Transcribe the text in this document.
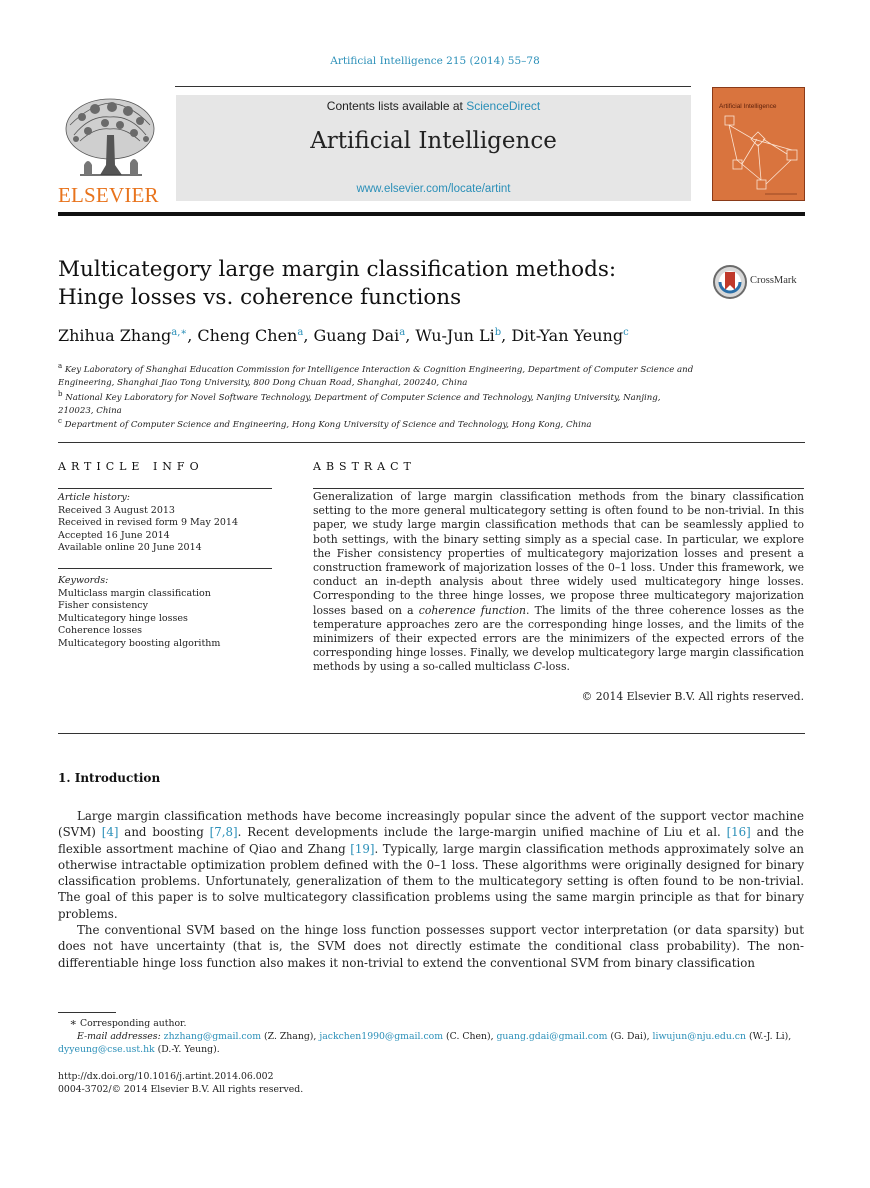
Artificial Intelligence 215 (2014) 55–78
ELSEVIER
Contents lists available at ScienceDirect
Artificial Intelligence
www.elsevier.com/locate/artint
Artificial Intelligence
Multicategory large margin classification methods:
Hinge losses vs. coherence functions
CrossMark
Zhihua Zhang$^{a,∗}$, Cheng Chen$^a$, Guang Dai$^a$, Wu-Jun Li$^b$, Dit-Yan Yeung$^c$
$^a$ Key Laboratory of Shanghai Education Commission for Intelligence Interaction & Cognition Engineering, Department of Computer Science and Engineering, Shanghai Jiao Tong University, 800 Dong Chuan Road, Shanghai, 200240, China
$^b$ National Key Laboratory for Novel Software Technology, Department of Computer Science and Technology, Nanjing University, Nanjing, 210023, China
$^c$ Department of Computer Science and Engineering, Hong Kong University of Science and Technology, Hong Kong, China
ARTICLE INFO
Article history:
Received 3 August 2013
Received in revised form 9 May 2014
Accepted 16 June 2014
Available online 20 June 2014
Keywords:
Multiclass margin classification
Fisher consistency
Multicategory hinge losses
Coherence losses
Multicategory boosting algorithm
ABSTRACT
Generalization of large margin classification methods from the binary classification setting to the more general multicategory setting is often found to be non-trivial. In this paper, we study large margin classification methods that can be seamlessly applied to both settings, with the binary setting simply as a special case. In particular, we explore the Fisher consistency properties of multicategory majorization losses and present a construction framework of majorization losses of the 0–1 loss. Under this framework, we conduct an in-depth analysis about three widely used multicategory hinge losses. Corresponding to the three hinge losses, we propose three multicategory majorization losses based on a coherence function. The limits of the three coherence losses as the temperature approaches zero are the corresponding hinge losses, and the limits of the minimizers of their expected errors are the minimizers of the expected errors of the corresponding hinge losses. Finally, we develop multicategory large margin classification methods by using a so-called multiclass C-loss.
© 2014 Elsevier B.V. All rights reserved.
1. Introduction

Large margin classification methods have become increasingly popular since the advent of the support vector machine (SVM) [4] and boosting [7,8]. Recent developments include the large-margin unified machine of Liu et al. [16] and the flexible assortment machine of Qiao and Zhang [19]. Typically, large margin classification methods approximately solve an otherwise intractable optimization problem defined with the 0–1 loss. These algorithms were originally designed for binary classification problems. Unfortunately, generalization of them to the multicategory setting is often found to be non-trivial. The goal of this paper is to solve multicategory classification problems using the same margin principle as that for binary problems.

The conventional SVM based on the hinge loss function possesses support vector interpretation (or data sparsity) but does not have uncertainty (that is, the SVM does not directly estimate the conditional class probability). The non-differentiable hinge loss function also makes it non-trivial to extend the conventional SVM from binary classification

∗ Corresponding author.
E-mail addresses: zhzhang@gmail.com (Z. Zhang), jackchen1990@gmail.com (C. Chen), guang.gdai@gmail.com (G. Dai), liwujun@nju.edu.cn (W.-J. Li), dyyeung@cse.ust.hk (D.-Y. Yeung).
http://dx.doi.org/10.1016/j.artint.2014.06.002
0004-3702/© 2014 Elsevier B.V. All rights reserved.
